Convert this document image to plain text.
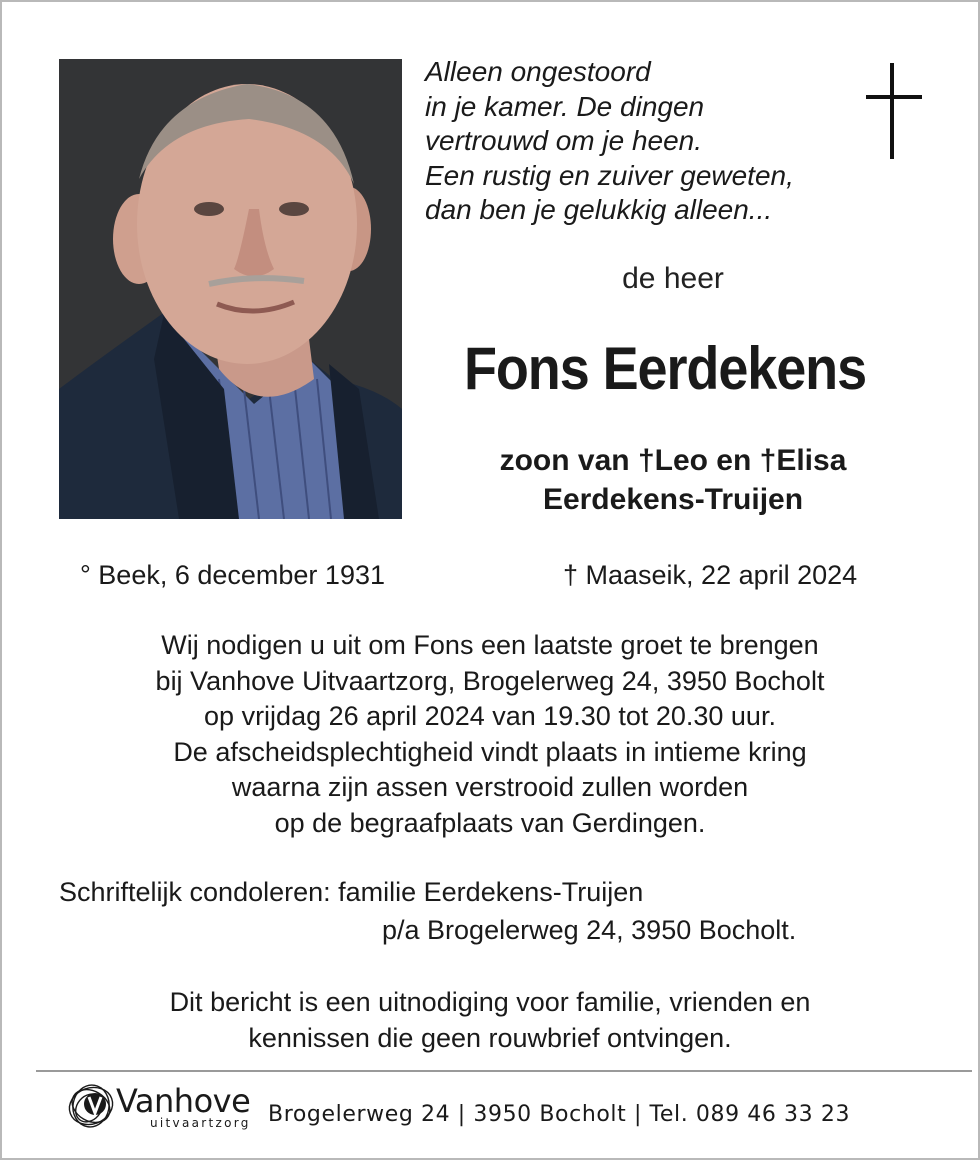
Alleen ongestoord
in je kamer. De dingen
vertrouwd om je heen.
Een rustig en zuiver geweten,
dan ben je gelukkig alleen...
de heer
Fons Eerdekens
zoon van †Leo en †Elisa
Eerdekens-Truijen
° Beek, 6 december 1931	† Maaseik, 22 april 2024
Wij nodigen u uit om Fons een laatste groet te brengen
bij Vanhove Uitvaartzorg, Brogelerweg 24, 3950 Bocholt
op vrijdag 26 april 2024 van 19.30 tot 20.30 uur.
De afscheidsplechtigheid vindt plaats in intieme kring
waarna zijn assen verstrooid zullen worden
op de begraafplaats van Gerdingen.
Schriftelijk condoleren: familie Eerdekens-Truijen
p/a Brogelerweg 24, 3950 Bocholt.
Dit bericht is een uitnodiging voor familie, vrienden en
kennissen die geen rouwbrief ontvingen.
Vanhove
uitvaartzorg Brogelerweg 24 | 3950 Bocholt | Tel. 089 46 33 23
